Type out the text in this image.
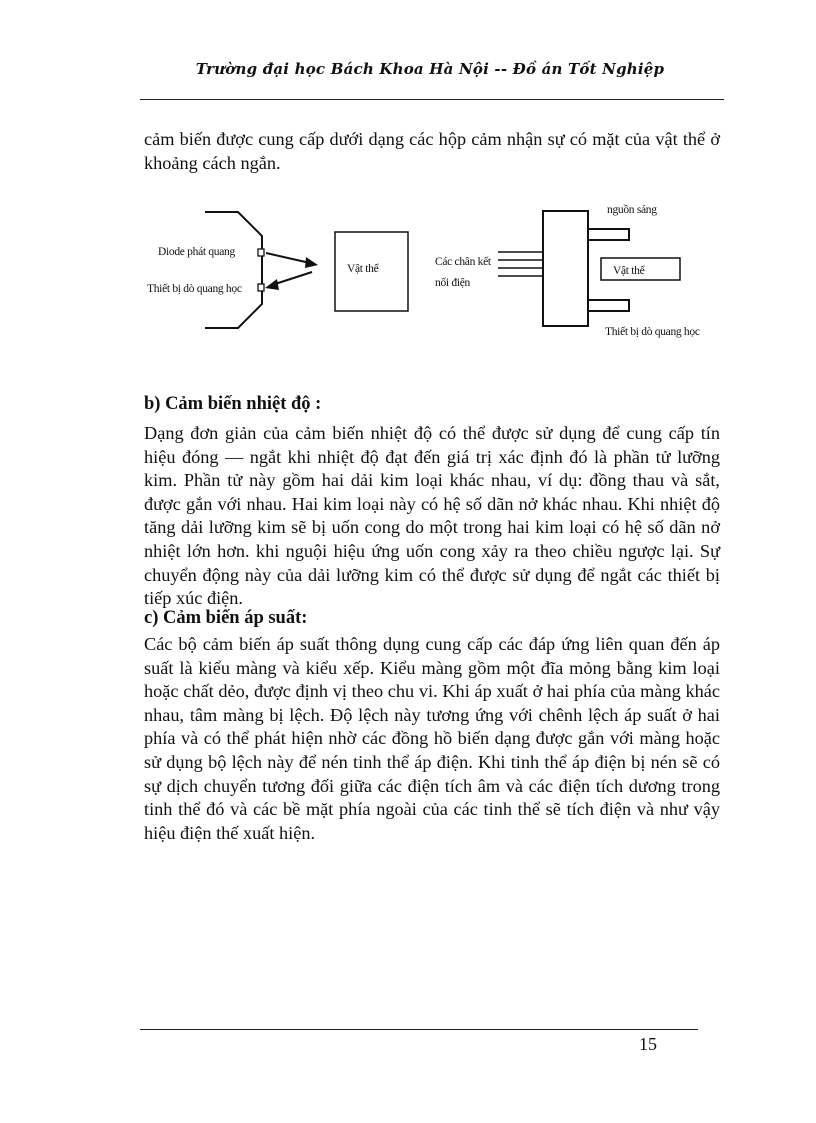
Trường đại học Bách Khoa Hà Nội -- Đồ án Tốt Nghiệp
cảm biến được cung cấp dưới dạng các hộp cảm nhận sự có mặt của vật thể ở khoảng cách ngắn.
Diode phát quang
Thiết bị dò quang học
Vật thể
Các chân kết
nối điện
nguồn sáng
Vật thể
Thiết bị dò quang học
b) Cảm biến nhiệt độ :
Dạng đơn giản của cảm biến nhiệt độ có thể được sử dụng để cung cấp tín hiệu đóng — ngắt khi nhiệt độ đạt đến giá trị xác định đó là phần tử lưỡng kim. Phần tử này gồm hai dải kim loại khác nhau, ví dụ: đồng thau và sắt, được gắn với nhau. Hai kim loại này có hệ số dãn nở khác nhau. Khi nhiệt độ tăng dải lưỡng kim sẽ bị uốn cong do một trong hai kim loại có hệ số dãn nở nhiệt lớn hơn. khi nguội hiệu ứng uốn cong xảy ra theo chiều ngược lại. Sự chuyển động này của dải lưỡng kim có thể được sử dụng để ngắt các thiết bị tiếp xúc điện.
c) Cảm biến áp suất:
Các bộ cảm biến áp suất thông dụng cung cấp các đáp ứng liên quan đến áp suất là kiểu màng và kiểu xếp. Kiểu màng gồm một đĩa mỏng bằng kim loại hoặc chất dẻo, được định vị theo chu vi. Khi áp xuất ở hai phía của màng khác nhau, tâm màng bị lệch. Độ lệch này tương ứng với chênh lệch áp suất ở hai phía và có thể phát hiện nhờ các đồng hồ biến dạng được gắn với màng hoặc sử dụng bộ lệch này để nén tinh thể áp điện. Khi tinh thể áp điện bị nén sẽ có sự dịch chuyển tương đối giữa các điện tích âm và các điện tích dương trong tinh thể đó và các bề mặt phía ngoài của các tinh thể sẽ tích điện và như vậy hiệu điện thế xuất hiện.
15
